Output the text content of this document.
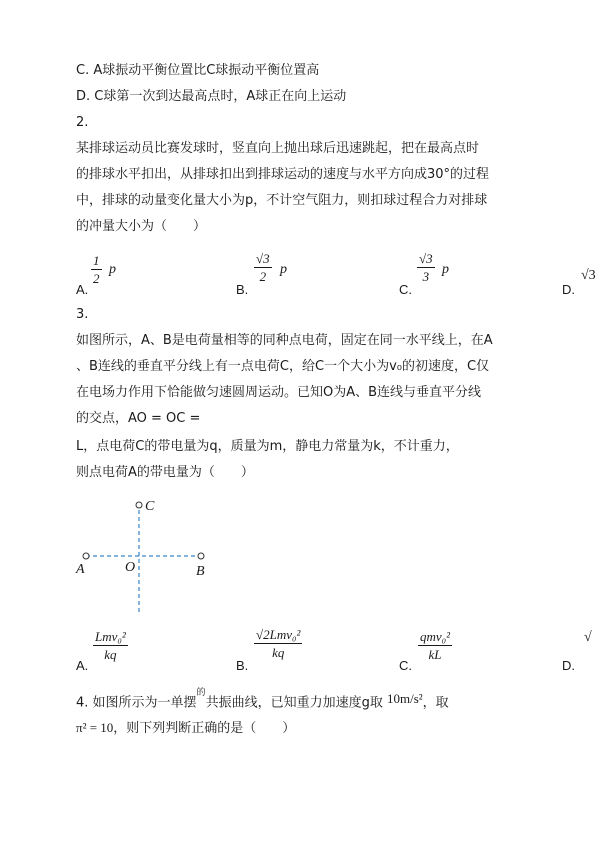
C. A球振动平衡位置比C球振动平衡位置高
D. C球第一次到达最高点时，A球正在向上运动
2.
某排球运动员比赛发球时，竖直向上抛出球后迅速跳起，把在最高点时
的排球水平扣出，从排球扣出到排球运动的速度与水平方向成30°的过程
中，排球的动量变化量大小为p，不计空气阻力，则扣球过程合力对排球
的冲量大小为（　　）
A.
1
2
p
B.
√3
2 p
C.
√3
3 p
D.
√3
3.
如图所示，A、B是电荷量相等的同种点电荷，固定在同一水平线上，在A
、B连线的垂直平分线上有一点电荷C，给C一个大小为v₀的初速度，C仅
在电场力作用下恰能做匀速圆周运动。已知O为A、B连线与垂直平分线
的交点，AO = OC =
L，点电荷C的带电量为q，质量为m，静电力常量为k，不计重力，
则点电荷A的带电量为（　　）
C
A	O	B
A.
Lmv₀²
kq
B.
√2Lmv₀²
kq
C.
qmv₀²
kL
D.
√
4. 如图所示为一单摆$^的$共振曲线，已知重力加速度g取 10m/s²，取
π² = 10，则下列判断正确的是（　　）
